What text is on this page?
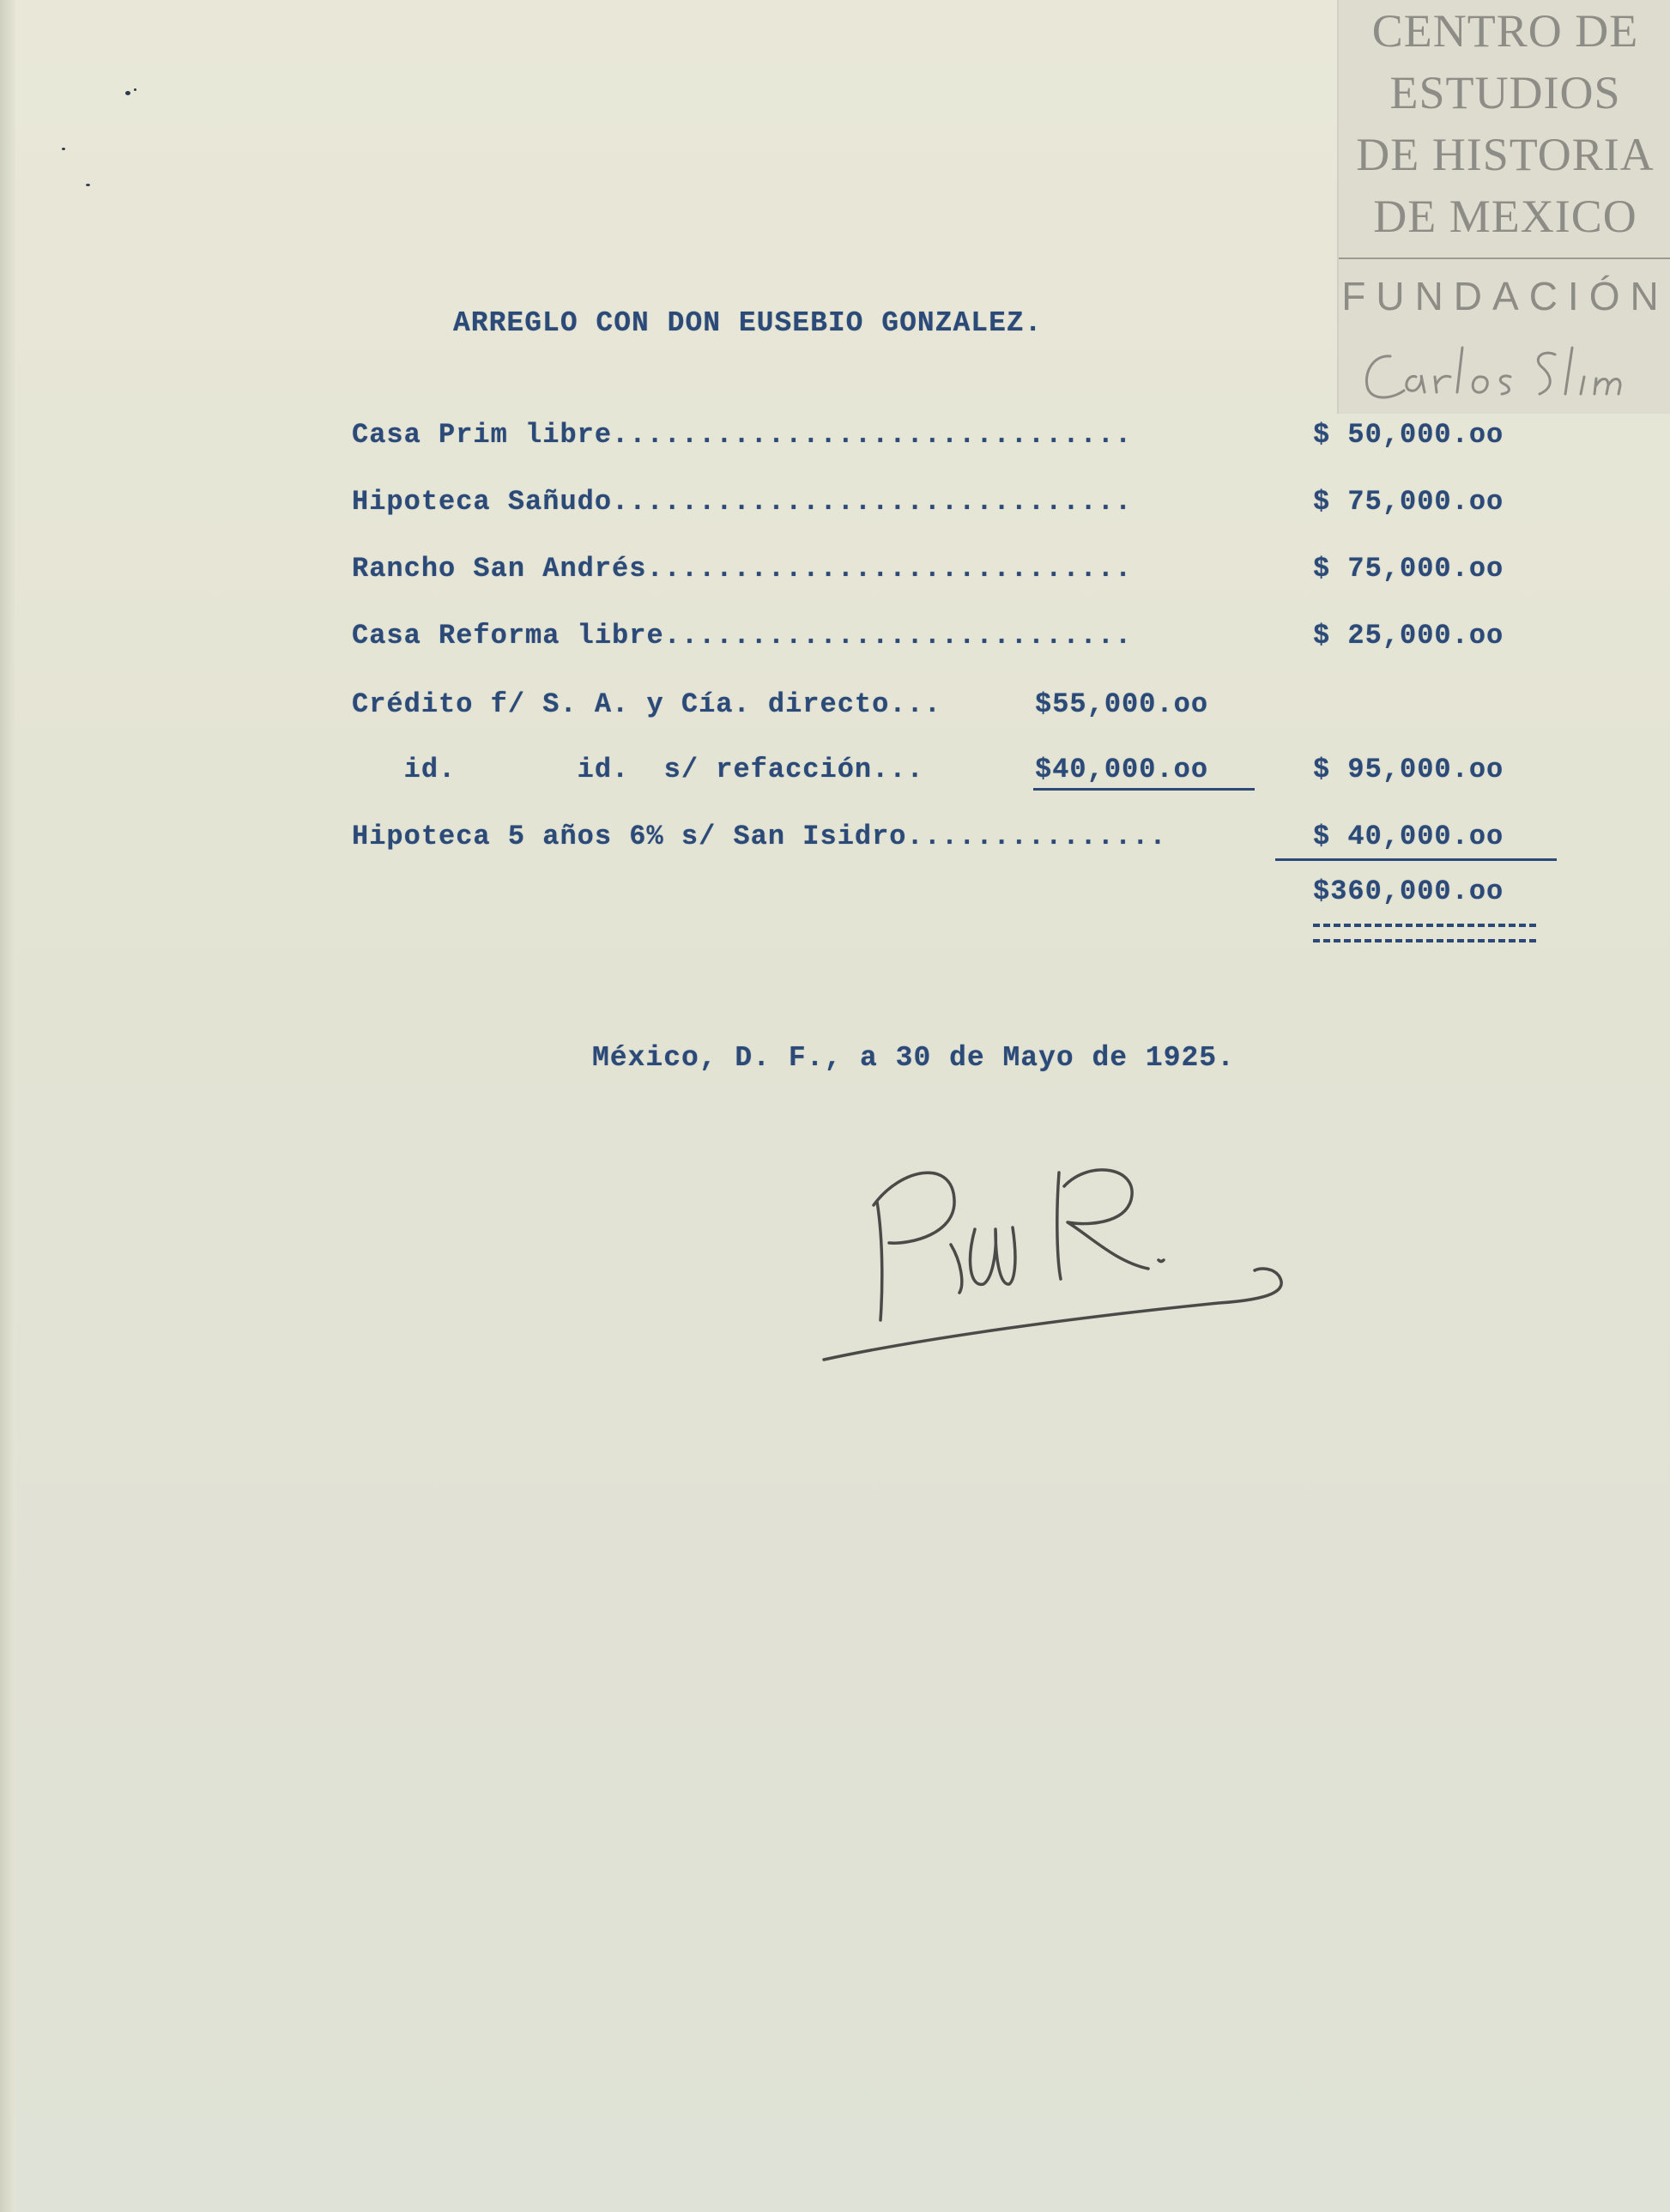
CENTRO DE
ESTUDIOS
DE HISTORIA
DE MEXICO
FUNDACIÓN
ARREGLO CON DON EUSEBIO GONZALEZ.
Casa Prim libre..............................	$ 50,000.oo
Hipoteca Sañudo..............................	$ 75,000.oo
Rancho San Andrés............................	$ 75,000.oo
Casa Reforma libre...........................	$ 25,000.oo
Crédito f/ S. A. y Cía. directo...	$55,000.oo
id.       id.  s/ refacción...	$40,000.oo	$ 95,000.oo
Hipoteca 5 años 6% s/ San Isidro...............	$ 40,000.oo
$360,000.oo
México, D. F., a 30 de Mayo de 1925.
